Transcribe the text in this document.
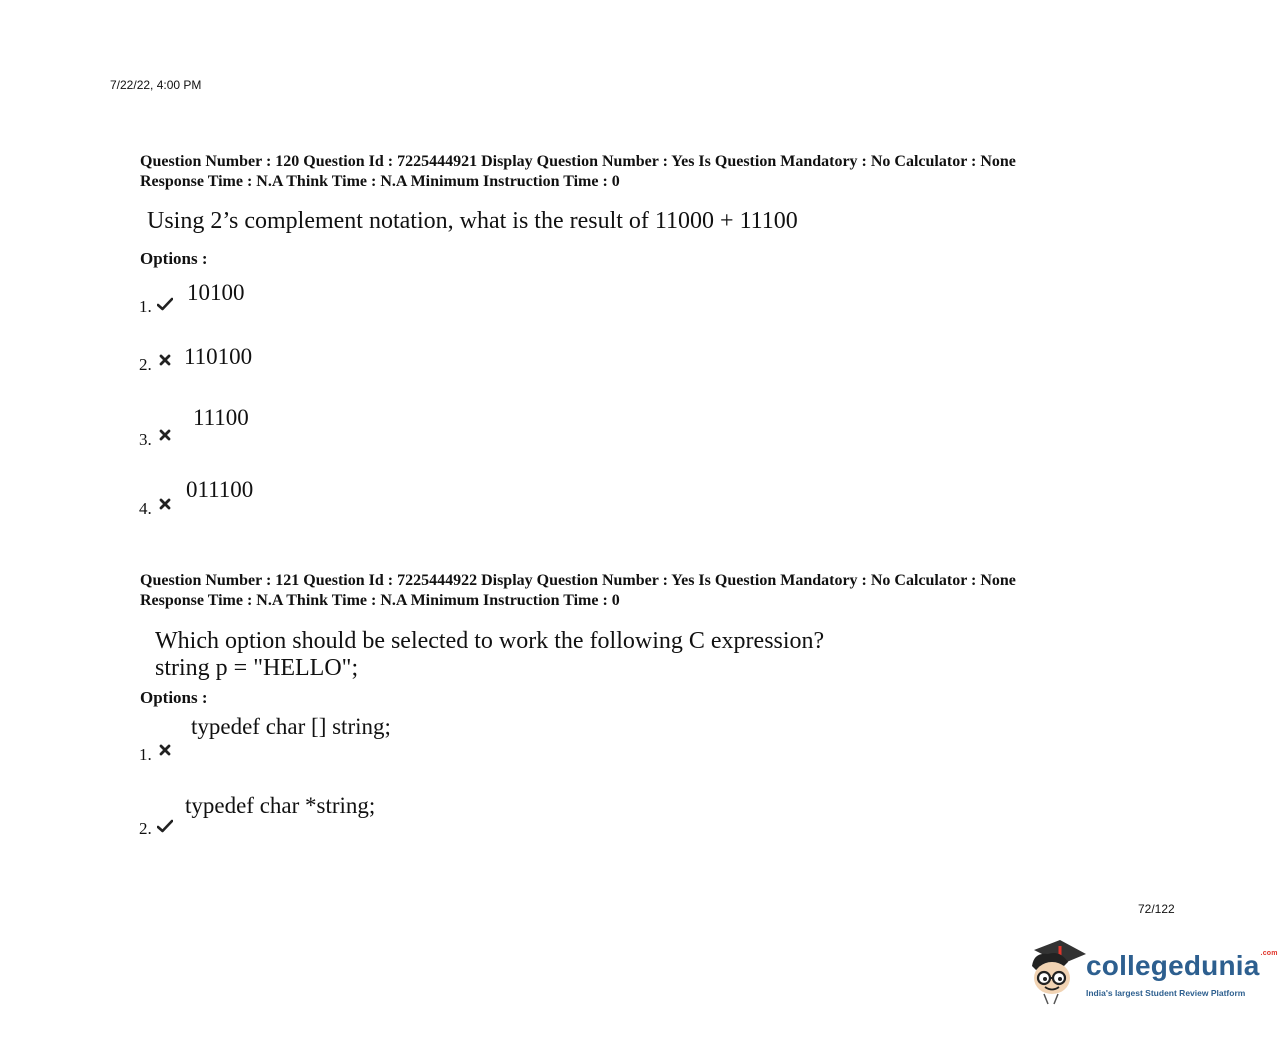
7/22/22, 4:00 PM
Question Number : 120 Question Id : 7225444921 Display Question Number : Yes Is Question Mandatory : No Calculator : None
Response Time : N.A Think Time : N.A Minimum Instruction Time : 0
Using 2’s complement notation, what is the result of 11000 + 11100
Options :
1.
10100
2. 110100
3.
11100
4.
011100
Question Number : 121 Question Id : 7225444922 Display Question Number : Yes Is Question Mandatory : No Calculator : None
Response Time : N.A Think Time : N.A Minimum Instruction Time : 0
Which option should be selected to work the following C expression?
string p = "HELLO";
Options :
1.
typedef char [] string;
2.
typedef char *string;
72/122
collegedunia$^{.com}$
India's largest Student Review Platform
